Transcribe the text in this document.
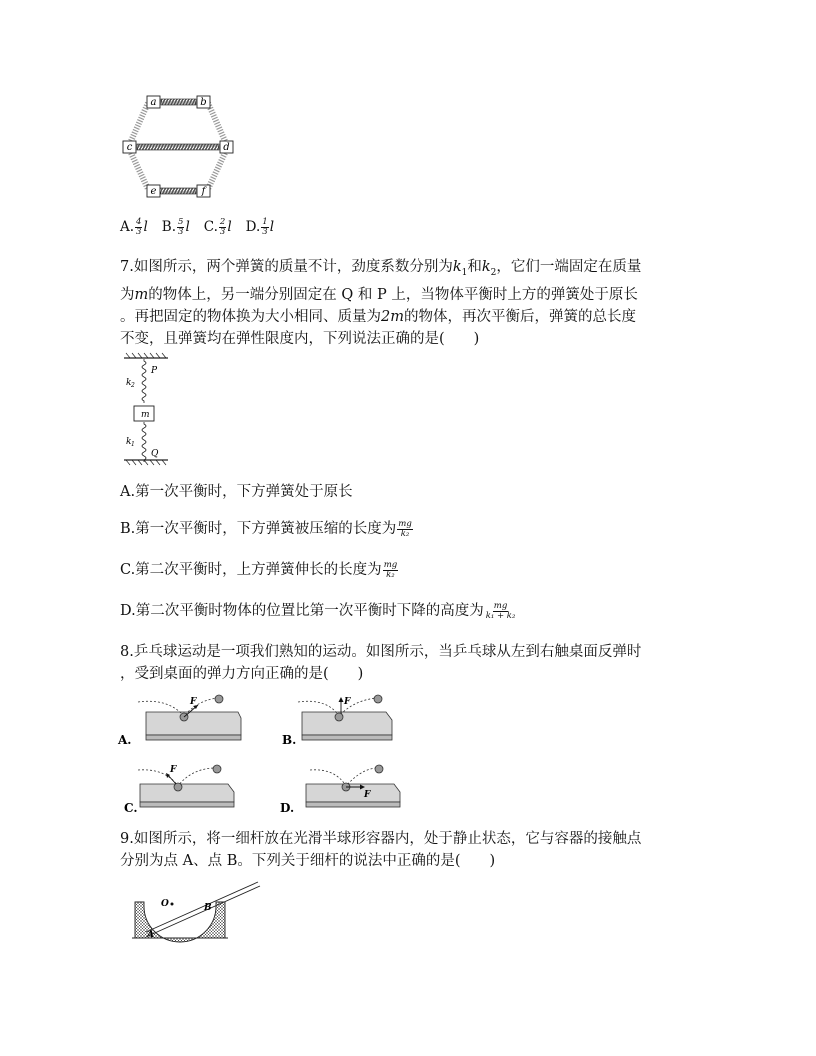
a	b
c	d
e	f
A. $\frac{4}{3}$ l B. $\frac{5}{3}$ l C. $\frac{2}{3}$ l D. $\frac{1}{3}$ l
7.如图所示，两个弹簧的质量不计，劲度系数分别为$k_1$和$k_2$，它们一端固定在质量
为m的物体上，另一端分别固定在 Q 和 P 上，当物体平衡时上方的弹簧处于原长
。再把固定的物体换为大小相同、质量为2m的物体，再次平衡后，弹簧的总长度
不变，且弹簧均在弹性限度内，下列说法正确的是(　　)
k 2
P
m
k 1
Q
A.第一次平衡时，下方弹簧处于原长
B.第一次平衡时，下方弹簧被压缩的长度为 $\frac{mg}{\text{k₂}}$
C.第二次平衡时，上方弹簧伸长的长度为 $\frac{mg}{\text{k₂}}$
D.第二次平衡时物体的位置比第一次平衡时下降的高度为 $\frac{mg}{\text{k₁ + k₂}}$
8.乒乓球运动是一项我们熟知的运动。如图所示，当乒乓球从左到右触桌面反弹时
，受到桌面的弹力方向正确的是(　　)
F
A.
F
B.
F
C.
F
D.
9.如图所示，将一细杆放在光滑半球形容器内，处于静止状态，它与容器的接触点
分别为点 A、点 B。下列关于细杆的说法中正确的是(　　)
O
A
B
